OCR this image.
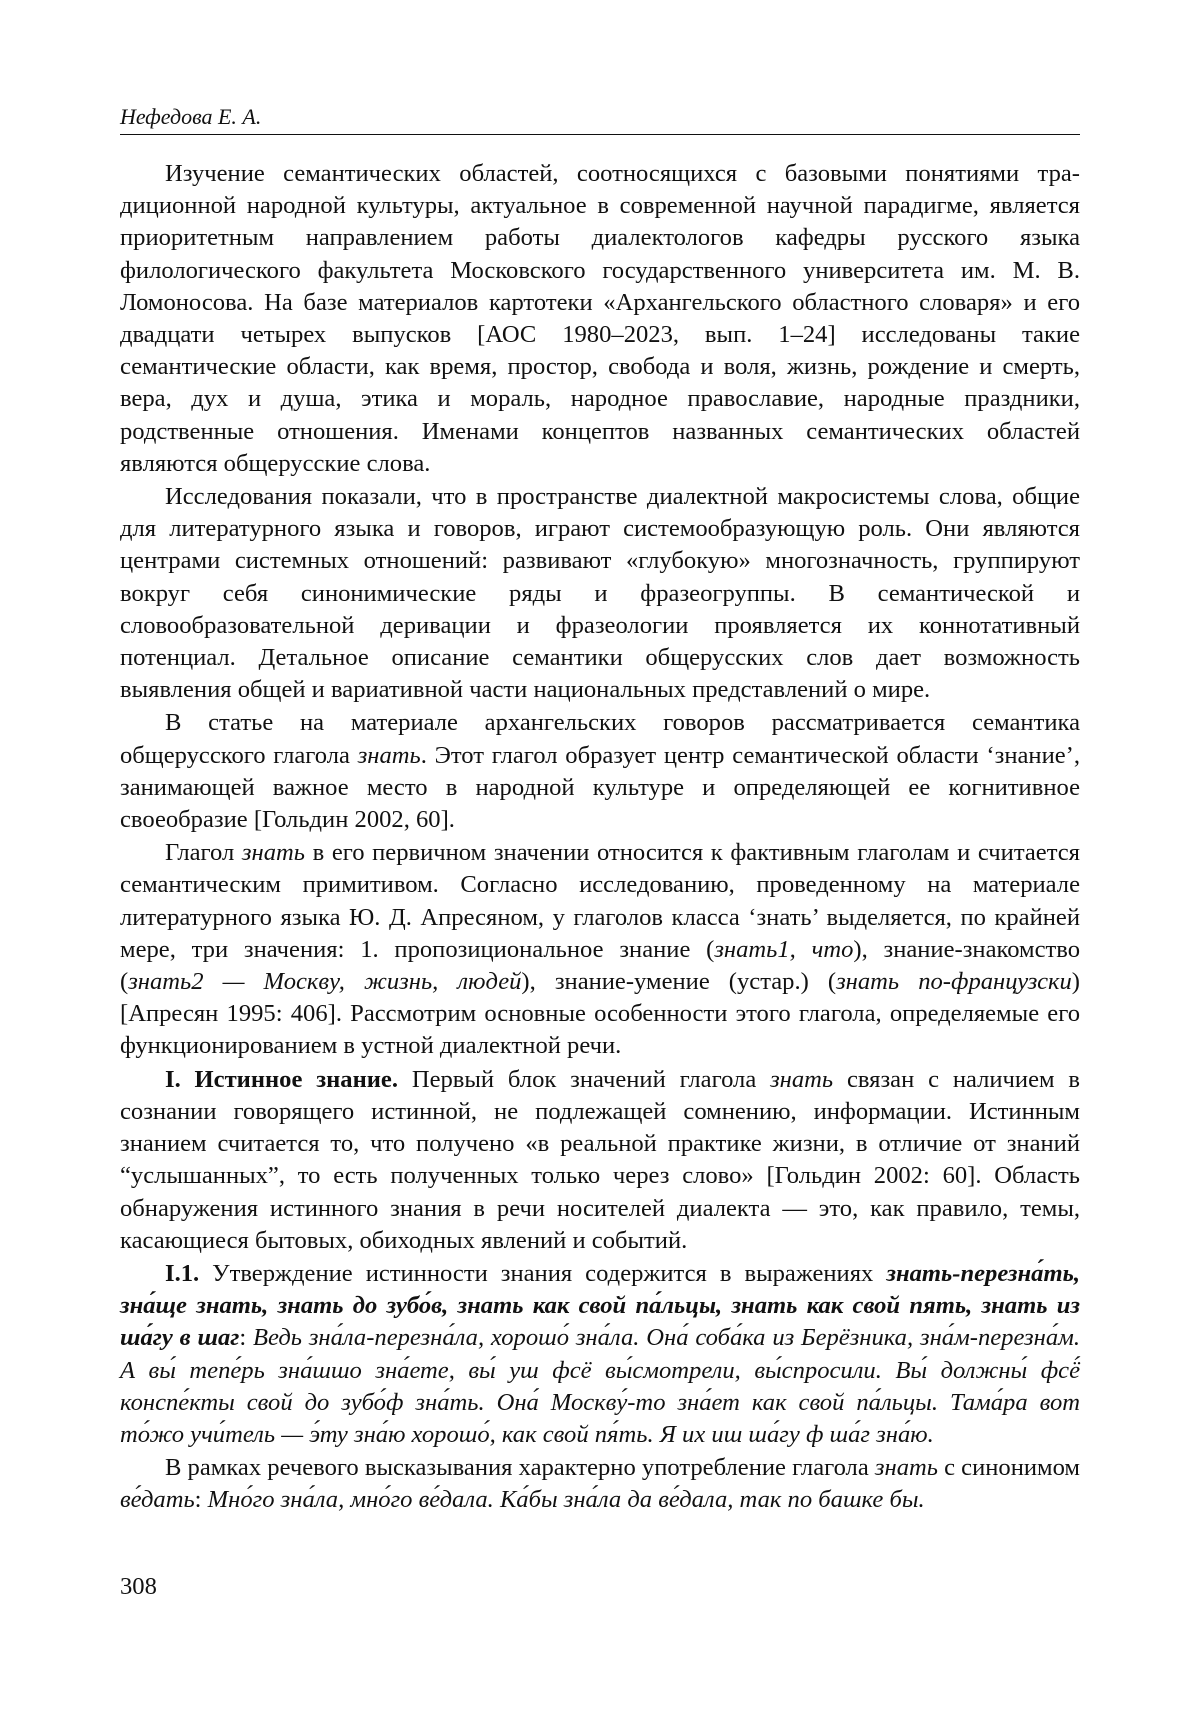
Нефедова Е. А.

Изучение семантических областей, соотносящихся с базовыми понятиями традиционной народной культуры, актуальное в современной научной парадигме, является приоритетным направлением работы диалектологов кафедры русского языка филологического факультета Московского государственного университета им. М. В. Ломоносова. На базе материалов картотеки «Архангельского областного словаря» и его двадцати четырех выпусков [АОС 1980–2023, вып. 1–24] исследованы такие семантические области, как время, простор, свобода и воля, жизнь, рождение и смерть, вера, дух и душа, этика и мораль, народное православие, народные праздники, родственные отношения. Именами концептов названных семантических областей являются общерусские слова.

Исследования показали, что в пространстве диалектной макросистемы слова, общие для литературного языка и говоров, играют системообразующую роль. Они являются центрами системных отношений: развивают «глубокую» многозначность, группируют вокруг себя синонимические ряды и фразеогруппы. В семантической и словообразовательной деривации и фразеологии проявляется их коннотативный потенциал. Детальное описание семантики общерусских слов дает возможность выявления общей и вариативной части национальных представлений о мире.

В статье на материале архангельских говоров рассматривается семантика общерусского глагола знать. Этот глагол образует центр семантической области ‘знание’, занимающей важное место в народной культуре и определяющей ее когнитивное своеобразие [Гольдин 2002, 60].

Глагол знать в его первичном значении относится к фактивным глаголам и считается семантическим примитивом. Согласно исследованию, проведенному на материале литературного языка Ю. Д. Апресяном, у глаголов класса ‘знать’ выделяется, по крайней мере, три значения: 1. пропозициональное знание (знать1, что), знание-знакомство (знать2 — Москву, жизнь, людей), знание-умение (устар.) (знать по-французски) [Апресян 1995: 406]. Рассмотрим основные особенности этого глагола, определяемые его функционированием в устной диалектной речи.

I. Истинное знание. Первый блок значений глагола знать связан с наличием в сознании говорящего истинной, не подлежащей сомнению, информации. Истинным знанием считается то, что получено «в реальной практике жизни, в отличие от знаний “услышанных”, то есть полученных только через слово» [Гольдин 2002: 60]. Область обнаружения истинного знания в речи носителей диалекта — это, как правило, темы, касающиеся бытовых, обиходных явлений и событий.

I.1. Утверждение истинности знания содержится в выражениях знать-перезна́ть, зна́ще знать, знать до зубо́в, знать как свой па́льцы, знать как свой пять, знать из ша́гу в шаг: Ведь зна́ла-перезна́ла, хорошо́ зна́ла. Она́ соба́ка из Берёзника, зна́м-перезна́м. А вы́ тепе́рь зна́шшо зна́ете, вы́ уш фсё вы́смотрели, вы́спросили. Вы́ должны́ фсё́ конспе́кты свой до зубо́ф зна́ть. Она́ Москву́-то зна́ет как свой па́льцы. Тама́ра вот то́жо учи́тель — э́ту зна́ю хорошо́, как свой пя́ть. Я их иш ша́гу ф ша́г зна́ю.

В рамках речевого высказывания характерно употребление глагола знать с синонимом ве́дать: Мно́го зна́ла, мно́го ве́дала. Ка́бы зна́ла да ве́дала, так по башке бы.

308
